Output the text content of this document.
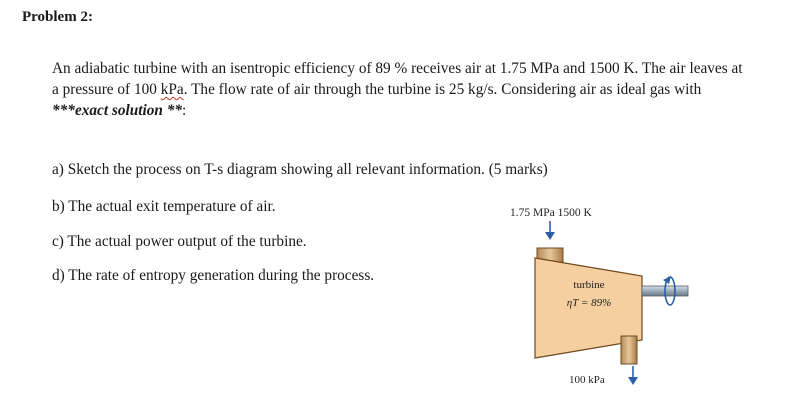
Problem 2:
An adiabatic turbine with an isentropic efficiency of 89 % receives air at 1.75 MPa and 1500 K. The air leaves at a pressure of 100 kPa. The flow rate of air through the turbine is 25 kg/s. Considering air as ideal gas with ***exact solution **:
a) Sketch the process on T-s diagram showing all relevant information. (5 marks)
b) The actual exit temperature of air.
c) The actual power output of the turbine.
d) The rate of entropy generation during the process.
1.75 MPa 1500 K
turbine
ηT = 89%
100 kPa
